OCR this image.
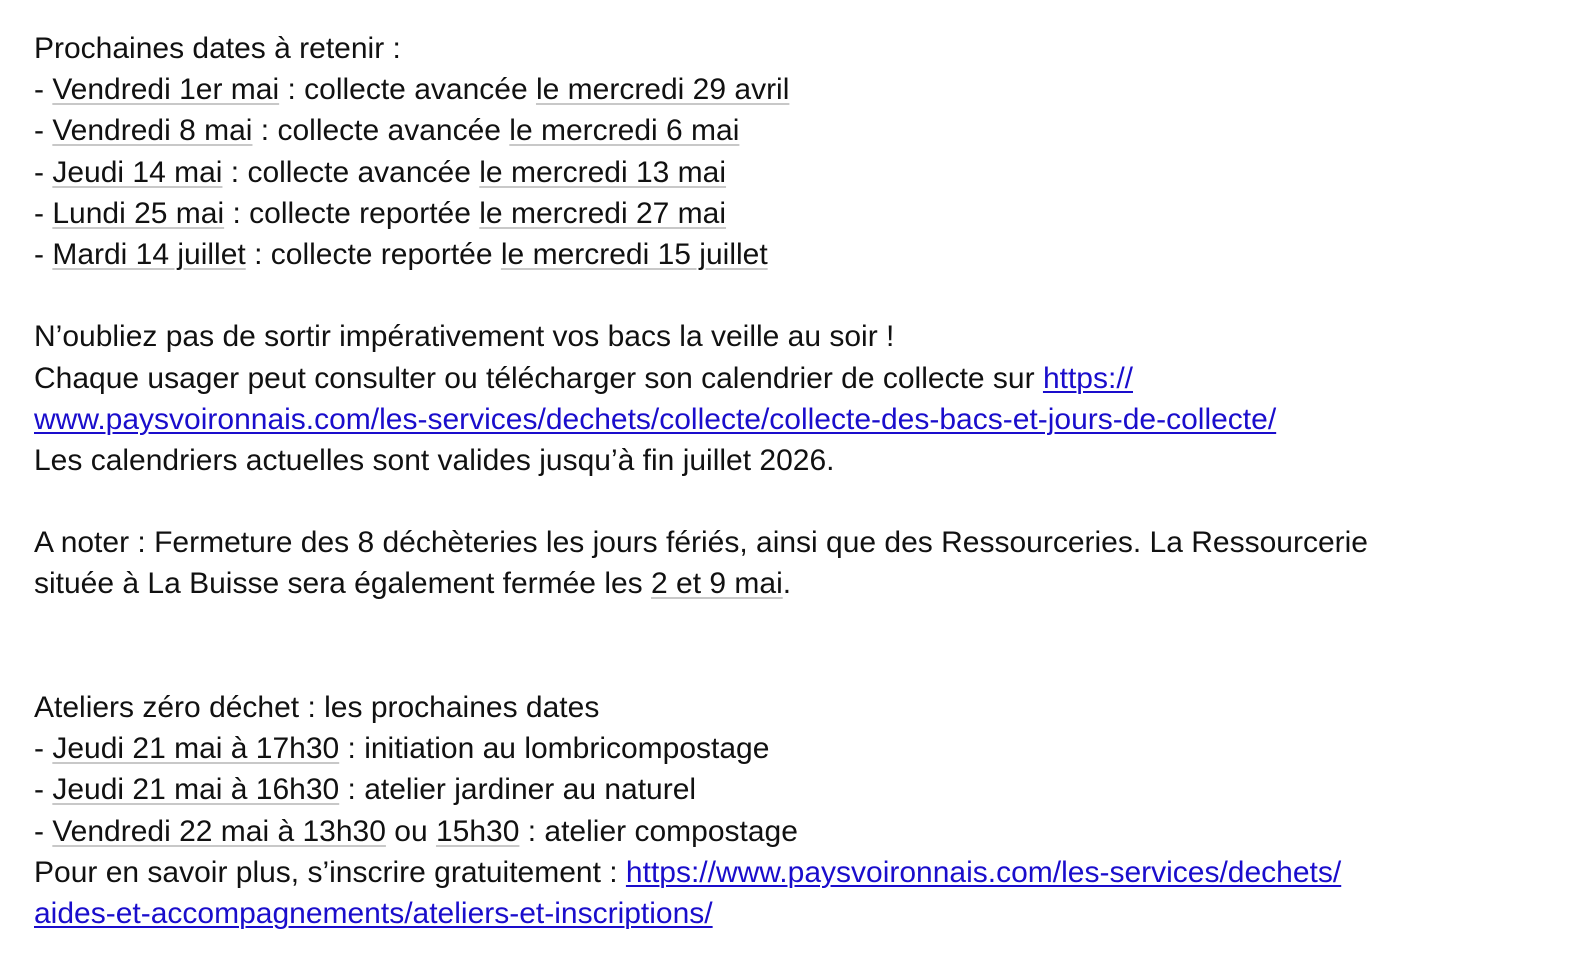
Prochaines dates à retenir :
- Vendredi 1er mai : collecte avancée le mercredi 29 avril
- Vendredi 8 mai : collecte avancée le mercredi 6 mai
- Jeudi 14 mai : collecte avancée le mercredi 13 mai
- Lundi 25 mai : collecte reportée le mercredi 27 mai
- Mardi 14 juillet : collecte reportée le mercredi 15 juillet
N’oubliez pas de sortir impérativement vos bacs la veille au soir !
Chaque usager peut consulter ou télécharger son calendrier de collecte sur https://
www.paysvoironnais.com/les-services/dechets/collecte/collecte-des-bacs-et-jours-de-collecte/
Les calendriers actuelles sont valides jusqu’à fin juillet 2026.
A noter : Fermeture des 8 déchèteries les jours fériés, ainsi que des Ressourceries. La Ressourcerie
située à La Buisse sera également fermée les 2 et 9 mai.
Ateliers zéro déchet : les prochaines dates
- Jeudi 21 mai à 17h30 : initiation au lombricompostage
- Jeudi 21 mai à 16h30 : atelier jardiner au naturel
- Vendredi 22 mai à 13h30 ou 15h30 : atelier compostage
Pour en savoir plus, s’inscrire gratuitement : https://www.paysvoironnais.com/les-services/dechets/
aides-et-accompagnements/ateliers-et-inscriptions/
